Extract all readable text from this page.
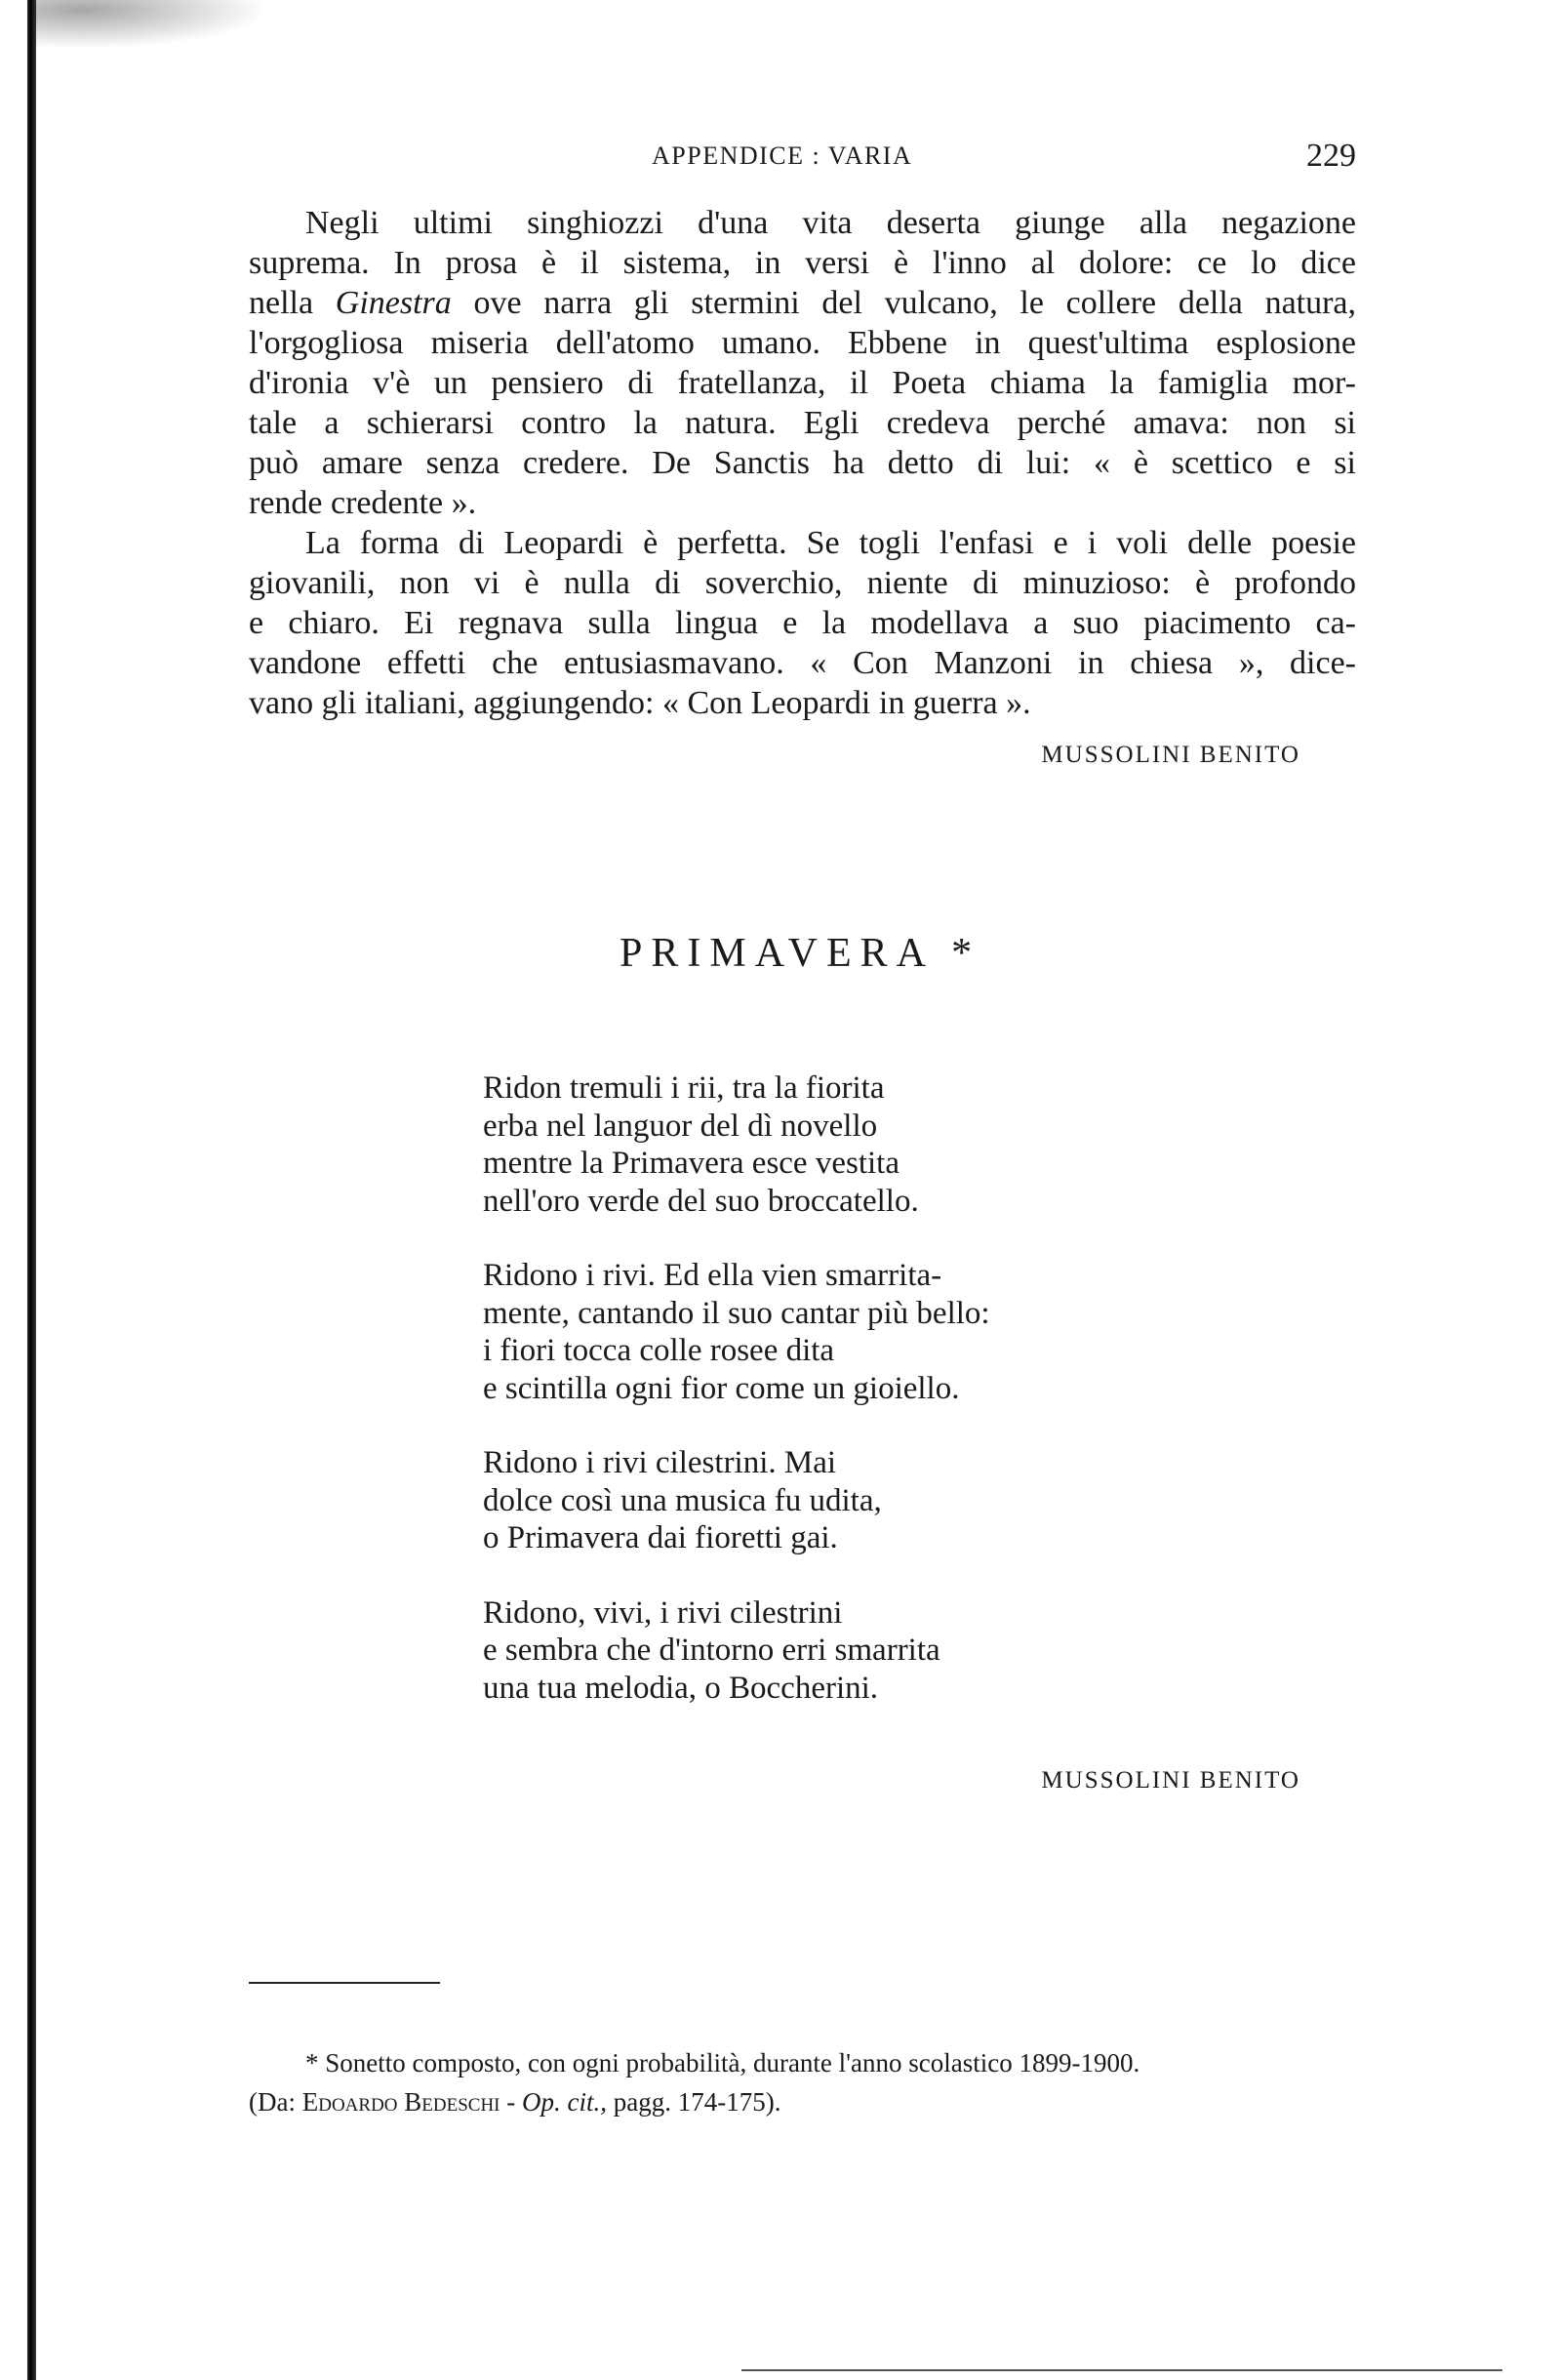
APPENDICE : VARIA	229

Negli ultimi singhiozzi d'una vita deserta giunge alla negazione
suprema. In prosa è il sistema, in versi è l'inno al dolore: ce lo dice
nella Ginestra ove narra gli stermini del vulcano, le collere della natura,
l'orgogliosa miseria dell'atomo umano. Ebbene in quest'ultima esplosione
d'ironia v'è un pensiero di fratellanza, il Poeta chiama la famiglia mor-
tale a schierarsi contro la natura. Egli credeva perché amava: non si
può amare senza credere. De Sanctis ha detto di lui: « è scettico e si
rende credente ».

La forma di Leopardi è perfetta. Se togli l'enfasi e i voli delle poesie
giovanili, non vi è nulla di soverchio, niente di minuzioso: è profondo
e chiaro. Ei regnava sulla lingua e la modellava a suo piacimento ca-
vandone effetti che entusiasmavano. « Con Manzoni in chiesa », dice-
vano gli italiani, aggiungendo: « Con Leopardi in guerra ».

MUSSOLINI BENITO
PRIMAVERA *
Ridon tremuli i rii, tra la fiorita
erba nel languor del dì novello
mentre la Primavera esce vestita
nell'oro verde del suo broccatello.
Ridono i rivi. Ed ella vien smarrita-
mente, cantando il suo cantar più bello:
i fiori tocca colle rosee dita
e scintilla ogni fior come un gioiello.
Ridono i rivi cilestrini. Mai
dolce così una musica fu udita,
o Primavera dai fioretti gai.
Ridono, vivi, i rivi cilestrini
e sembra che d'intorno erri smarrita
una tua melodia, o Boccherini.
MUSSOLINI BENITO
* Sonetto composto, con ogni probabilità, durante l'anno scolastico 1899-1900.
(Da: Edoardo Bedeschi - Op. cit., pagg. 174-175).
